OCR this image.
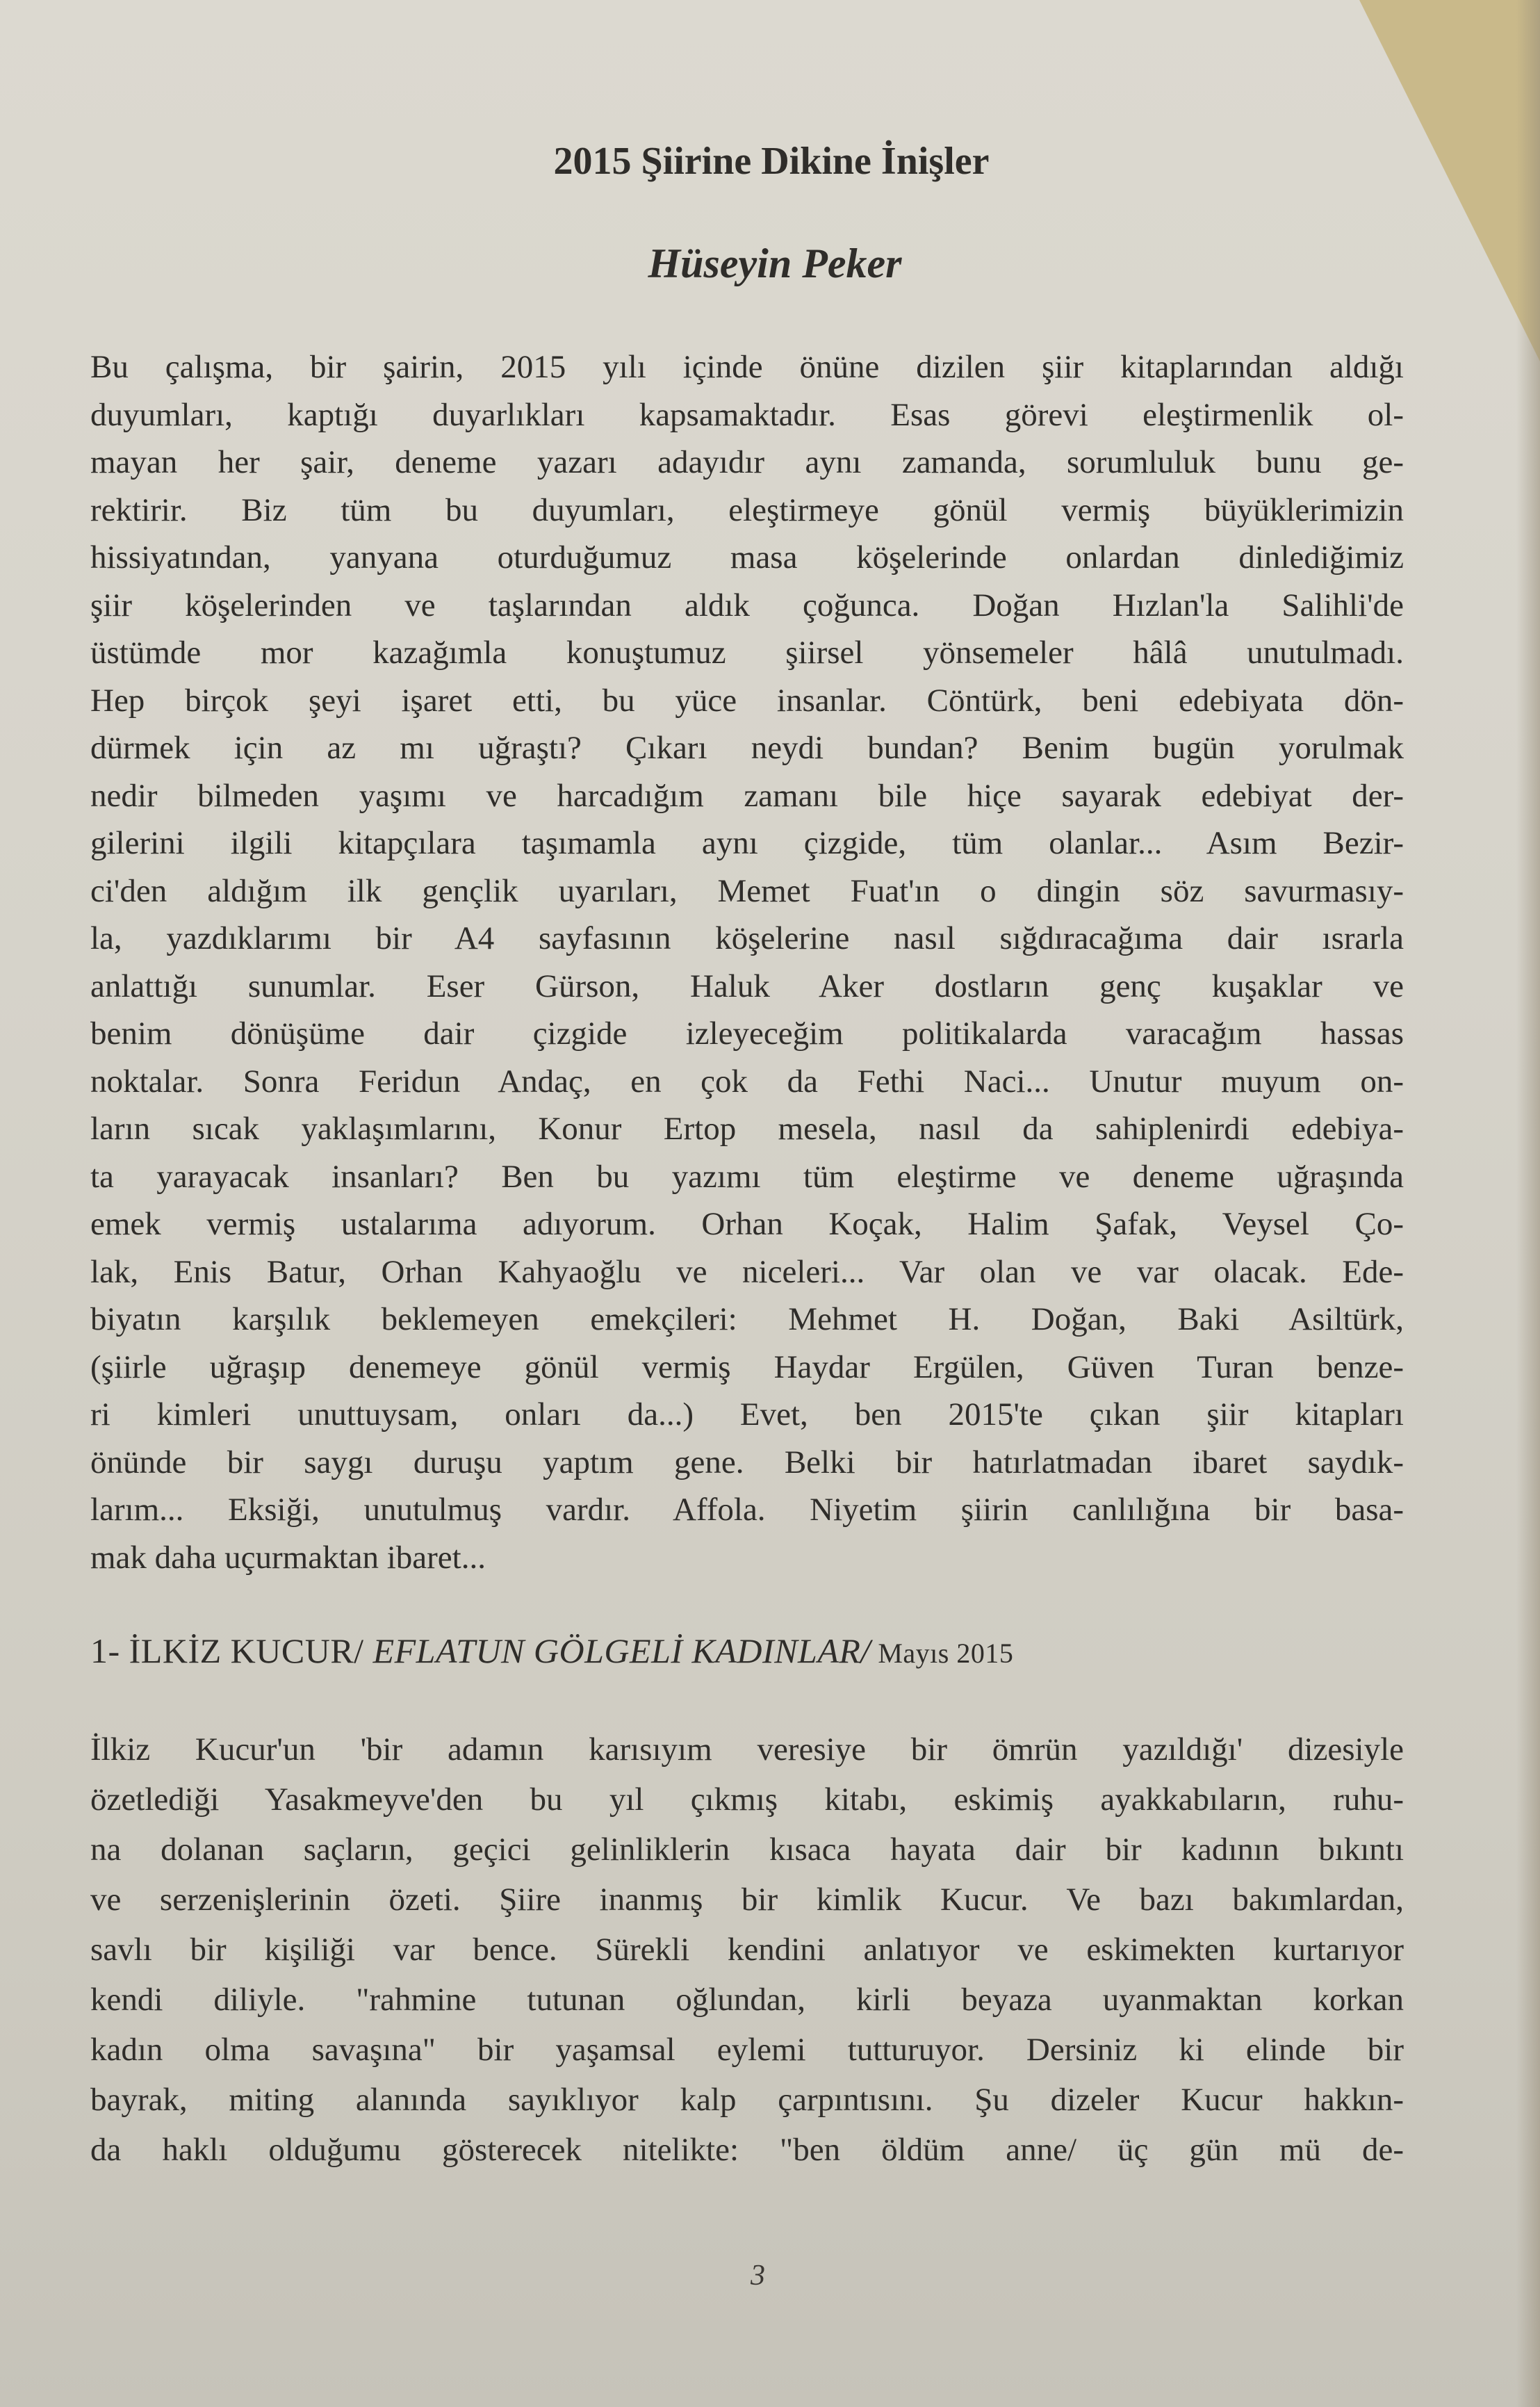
2015 Şiirine Dikine İnişler
Hüseyin Peker
Bu çalışma, bir şairin, 2015 yılı içinde önüne dizilen şiir kitaplarından aldığı
duyumları, kaptığı duyarlıkları kapsamaktadır. Esas görevi eleştirmenlik ol-
mayan her şair, deneme yazarı adayıdır aynı zamanda, sorumluluk bunu ge-
rektirir. Biz tüm bu duyumları, eleştirmeye gönül vermiş büyüklerimizin
hissiyatından, yanyana oturduğumuz masa köşelerinde onlardan dinlediğimiz
şiir köşelerinden ve taşlarından aldık çoğunca. Doğan Hızlan'la Salihli'de
üstümde mor kazağımla konuştumuz şiirsel yönsemeler hâlâ unutulmadı.
Hep birçok şeyi işaret etti, bu yüce insanlar. Cöntürk, beni edebiyata dön-
dürmek için az mı uğraştı? Çıkarı neydi bundan? Benim bugün yorulmak
nedir bilmeden yaşımı ve harcadığım zamanı bile hiçe sayarak edebiyat der-
gilerini ilgili kitapçılara taşımamla aynı çizgide, tüm olanlar... Asım Bezir-
ci'den aldığım ilk gençlik uyarıları, Memet Fuat'ın o dingin söz savurmasıy-
la, yazdıklarımı bir A4 sayfasının köşelerine nasıl sığdıracağıma dair ısrarla
anlattığı sunumlar. Eser Gürson, Haluk Aker dostların genç kuşaklar ve
benim dönüşüme dair çizgide izleyeceğim politikalarda varacağım hassas
noktalar. Sonra Feridun Andaç, en çok da Fethi Naci... Unutur muyum on-
ların sıcak yaklaşımlarını, Konur Ertop mesela, nasıl da sahiplenirdi edebiya-
ta yarayacak insanları? Ben bu yazımı tüm eleştirme ve deneme uğraşında
emek vermiş ustalarıma adıyorum. Orhan Koçak, Halim Şafak, Veysel Ço-
lak, Enis Batur, Orhan Kahyaoğlu ve niceleri... Var olan ve var olacak. Ede-
biyatın karşılık beklemeyen emekçileri: Mehmet H. Doğan, Baki Asiltürk,
(şiirle uğraşıp denemeye gönül vermiş Haydar Ergülen, Güven Turan benze-
ri kimleri unuttuysam, onları da...) Evet, ben 2015'te çıkan şiir kitapları
önünde bir saygı duruşu yaptım gene. Belki bir hatırlatmadan ibaret saydık-
larım... Eksiği, unutulmuş vardır. Affola. Niyetim şiirin canlılığına bir basa-
mak daha uçurmaktan ibaret...
1- İLKİZ KUCUR/ EFLATUN GÖLGELİ KADINLAR/ Mayıs 2015
İlkiz Kucur'un 'bir adamın karısıyım veresiye bir ömrün yazıldığı' dizesiyle
özetlediği Yasakmeyve'den bu yıl çıkmış kitabı, eskimiş ayakkabıların, ruhu-
na dolanan saçların, geçici gelinliklerin kısaca hayata dair bir kadının bıkıntı
ve serzenişlerinin özeti. Şiire inanmış bir kimlik Kucur. Ve bazı bakımlardan,
savlı bir kişiliği var bence. Sürekli kendini anlatıyor ve eskimekten kurtarıyor
kendi diliyle. "rahmine tutunan oğlundan, kirli beyaza uyanmaktan korkan
kadın olma savaşına" bir yaşamsal eylemi tutturuyor. Dersiniz ki elinde bir
bayrak, miting alanında sayıklıyor kalp çarpıntısını. Şu dizeler Kucur hakkın-
da haklı olduğumu gösterecek nitelikte: "ben öldüm anne/ üç gün mü de-
3
